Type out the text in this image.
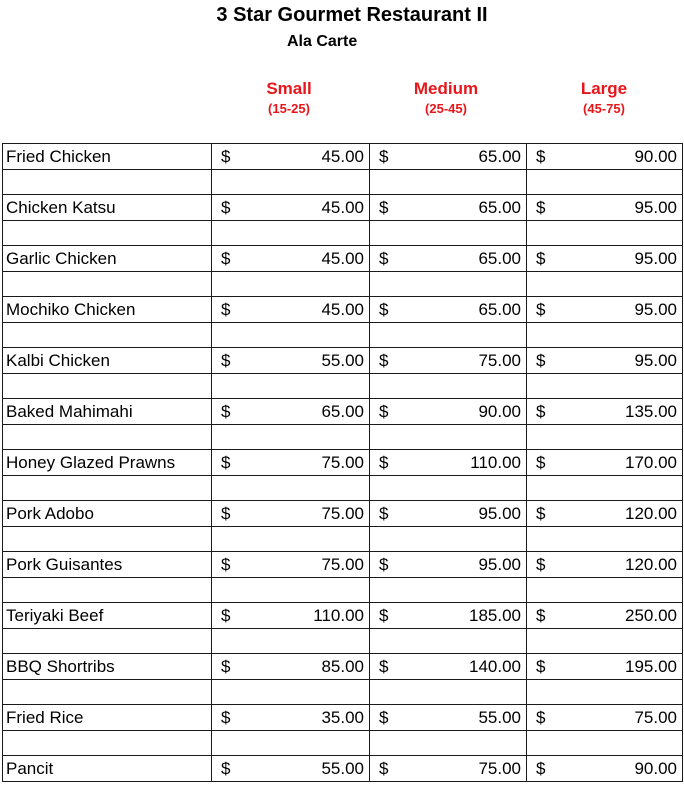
3 Star Gourmet Restaurant II
Ala Carte
Small
(15-25)
Medium
(25-45)
Large
(45-75)
Fried Chicken	$ 45.00	$ 65.00	$ 90.00

Chicken Katsu	$ 45.00	$ 65.00	$ 95.00

Garlic Chicken	$ 45.00	$ 65.00	$ 95.00

Mochiko Chicken	$ 45.00	$ 65.00	$ 95.00

Kalbi Chicken	$ 55.00	$ 75.00	$ 95.00

Baked Mahimahi	$ 65.00	$ 90.00	$ 135.00

Honey Glazed Prawns	$ 75.00	$ 110.00	$ 170.00

Pork Adobo	$ 75.00	$ 95.00	$ 120.00

Pork Guisantes	$ 75.00	$ 95.00	$ 120.00

Teriyaki Beef	$ 110.00	$ 185.00	$ 250.00

BBQ Shortribs	$ 85.00	$ 140.00	$ 195.00

Fried Rice	$ 35.00	$ 55.00	$ 75.00

Pancit	$ 55.00	$ 75.00	$ 90.00
